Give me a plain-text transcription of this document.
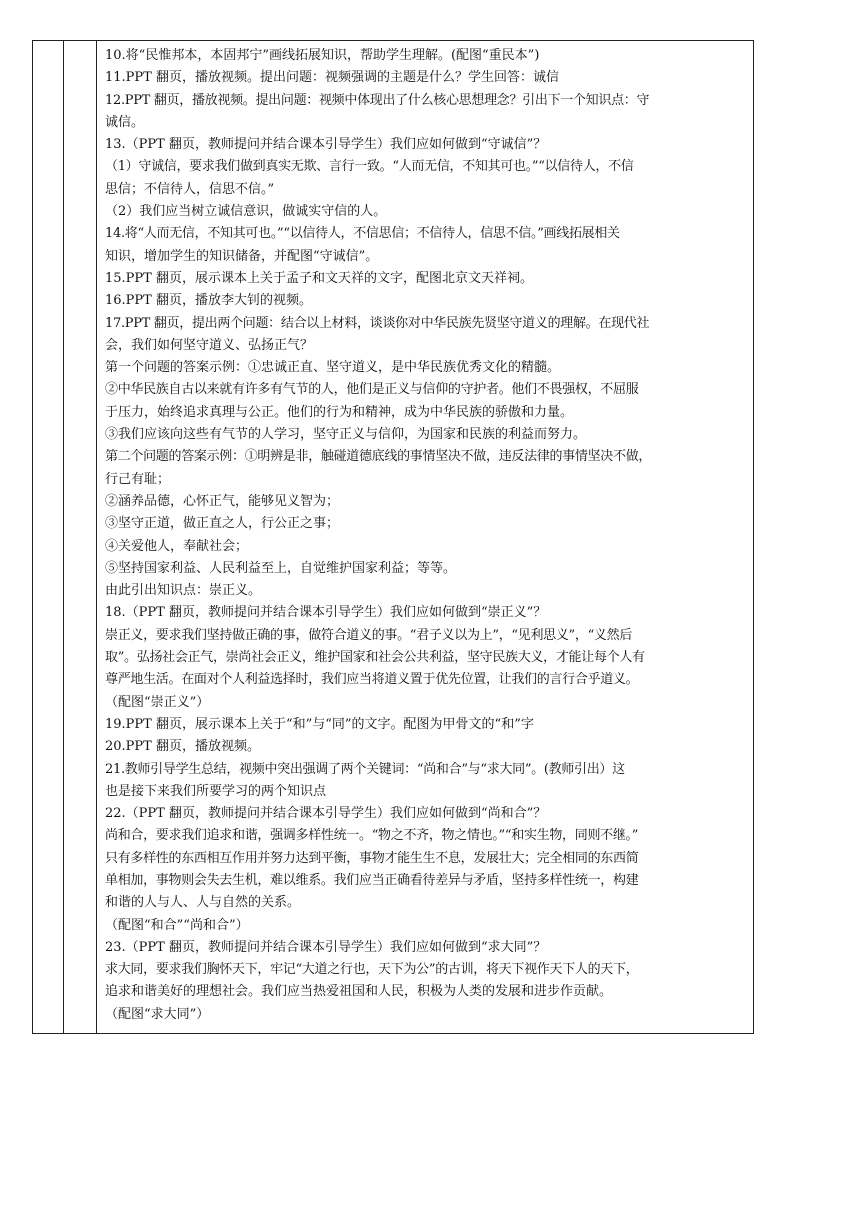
10.将“民惟邦本，本固邦宁”画线拓展知识，帮助学生理解。(配图“重民本”)
11.PPT 翻页，播放视频。提出问题：视频强调的主题是什么？学生回答：诚信
12.PPT 翻页，播放视频。提出问题：视频中体现出了什么核心思想理念？引出下一个知识点：守
诚信。
13.（PPT 翻页，教师提问并结合课本引导学生）我们应如何做到“守诚信”？
（1）守诚信，要求我们做到真实无欺、言行一致。“人而无信，不知其可也。”“以信待人，不信
思信；不信待人，信思不信。”
（2）我们应当树立诚信意识，做诚实守信的人。
14.将“人而无信，不知其可也。”“以信待人，不信思信；不信待人，信思不信。”画线拓展相关
知识，增加学生的知识储备，并配图“守诚信”。
15.PPT 翻页，展示课本上关于孟子和文天祥的文字，配图北京文天祥祠。
16.PPT 翻页，播放李大钊的视频。
17.PPT 翻页，提出两个问题：结合以上材料，谈谈你对中华民族先贤坚守道义的理解。在现代社
会，我们如何坚守道义、弘扬正气？
第一个问题的答案示例：①忠诚正直、坚守道义，是中华民族优秀文化的精髓。
②中华民族自古以来就有许多有气节的人，他们是正义与信仰的守护者。他们不畏强权，不屈服
于压力，始终追求真理与公正。他们的行为和精神，成为中华民族的骄傲和力量。
③我们应该向这些有气节的人学习，坚守正义与信仰，为国家和民族的利益而努力。
第二个问题的答案示例：①明辨是非，触碰道德底线的事情坚决不做，违反法律的事情坚决不做，
行己有耻；
②涵养品德，心怀正气，能够见义智为；
③坚守正道，做正直之人，行公正之事；
④关爱他人，奉献社会；
⑤坚持国家利益、人民利益至上，自觉维护国家利益；等等。
由此引出知识点：崇正义。
18.（PPT 翻页，教师提问并结合课本引导学生）我们应如何做到“崇正义”？
崇正义，要求我们坚持做正确的事，做符合道义的事。“君子义以为上”，“见利思义”，“义然后
取”。弘扬社会正气，崇尚社会正义，维护国家和社会公共利益，坚守民族大义，才能让每个人有
尊严地生活。在面对个人利益选择时，我们应当将道义置于优先位置，让我们的言行合乎道义。
（配图“崇正义”）
19.PPT 翻页，展示课本上关于“和”与“同”的文字。配图为甲骨文的“和”字
20.PPT 翻页，播放视频。
21.教师引导学生总结，视频中突出强调了两个关键词：“尚和合”与“求大同”。(教师引出）这
也是接下来我们所要学习的两个知识点
22.（PPT 翻页，教师提问并结合课本引导学生）我们应如何做到“尚和合”？
尚和合，要求我们追求和谐，强调多样性统一。“物之不齐，物之情也。”“和实生物，同则不继。”
只有多样性的东西相互作用并努力达到平衡，事物才能生生不息，发展壮大；完全相同的东西简
单相加，事物则会失去生机，难以维系。我们应当正确看待差异与矛盾，坚持多样性统一，构建
和谐的人与人、人与自然的关系。
（配图“和合”“尚和合”）
23.（PPT 翻页，教师提问并结合课本引导学生）我们应如何做到“求大同”？
求大同，要求我们胸怀天下，牢记“大道之行也，天下为公”的古训，将天下视作天下人的天下，
追求和谐美好的理想社会。我们应当热爱祖国和人民，积极为人类的发展和进步作贡献。
（配图“求大同”）
